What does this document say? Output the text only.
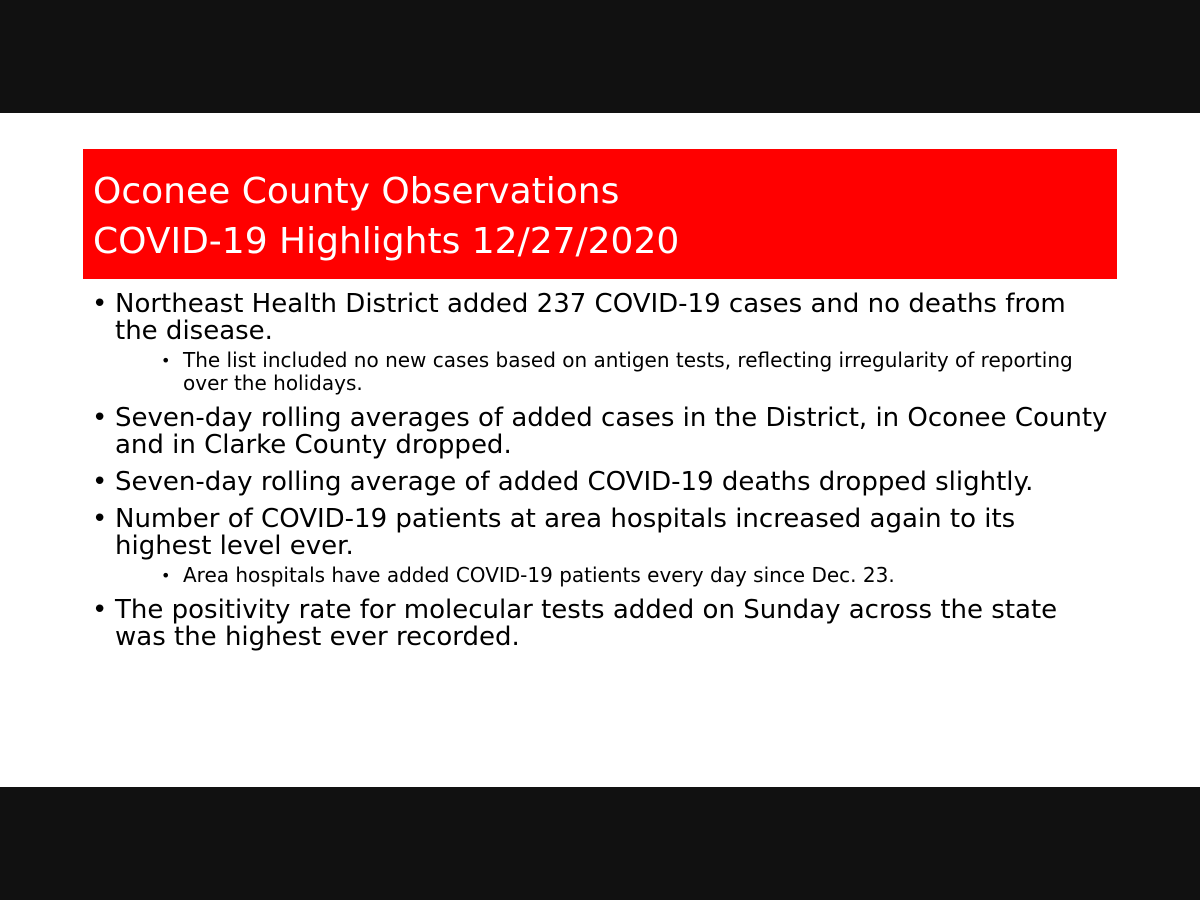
Oconee County Observations
COVID-19 Highlights 12/27/2020
• Northeast Health District added 237 COVID-19 cases and no deaths from the disease.
• The list included no new cases based on antigen tests, reflecting irregularity of reporting over the holidays.
• Seven-day rolling averages of added cases in the District, in Oconee County and in Clarke County dropped.
• Seven-day rolling average of added COVID-19 deaths dropped slightly.
• Number of COVID-19 patients at area hospitals increased again to its highest level ever.
• Area hospitals have added COVID-19 patients every day since Dec. 23.
• The positivity rate for molecular tests added on Sunday across the state was the highest ever recorded.
